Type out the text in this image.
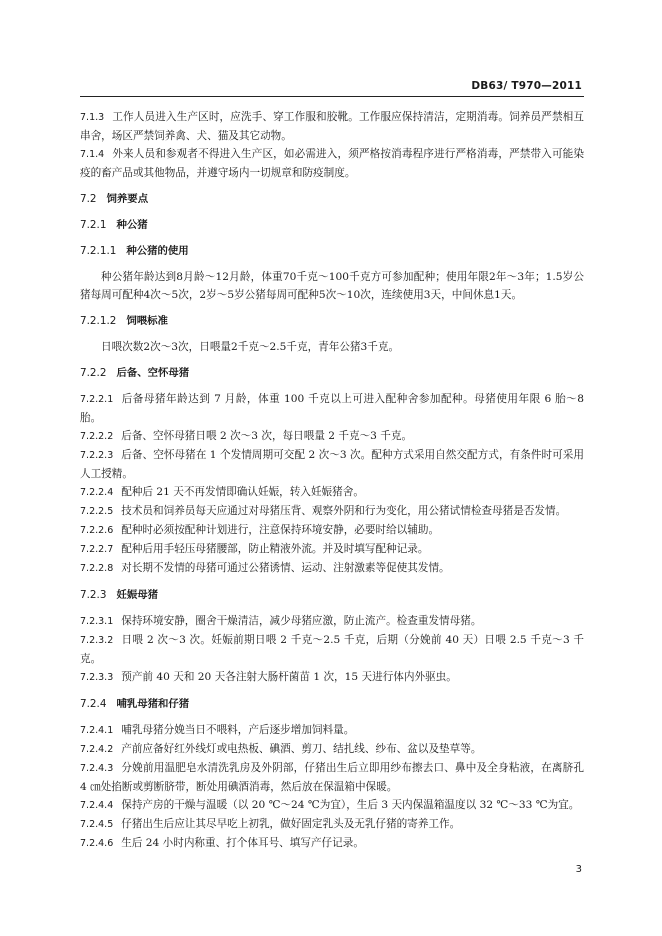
DB63/ T970—2011

7.1.3 工作人员进入生产区时，应洗手、穿工作服和胶靴。工作服应保持清洁，定期消毒。饲养员严禁相互串舍，场区严禁饲养禽、犬、猫及其它动物。

7.1.4 外来人员和参观者不得进入生产区，如必需进入，须严格按消毒程序进行严格消毒，严禁带入可能染疫的畜产品或其他物品，并遵守场内一切规章和防疫制度。

7.2 饲养要点

7.2.1 种公猪

7.2.1.1 种公猪的使用

种公猪年龄达到8月龄～12月龄，体重70千克～100千克方可参加配种；使用年限2年～3年；1.5岁公猪每周可配种4次～5次，2岁～5岁公猪每周可配种5次～10次，连续使用3天，中间休息1天。

7.2.1.2 饲喂标准

日喂次数2次～3次，日喂量2千克～2.5千克，青年公猪3千克。

7.2.2 后备、空怀母猪

7.2.2.1 后备母猪年龄达到 7 月龄，体重 100 千克以上可进入配种舍参加配种。母猪使用年限 6 胎～8 胎。

7.2.2.2 后备、空怀母猪日喂 2 次～3 次，每日喂量 2 千克～3 千克。

7.2.2.3 后备、空怀母猪在 1 个发情周期可交配 2 次～3 次。配种方式采用自然交配方式，有条件时可采用人工授精。

7.2.2.4 配种后 21 天不再发情即确认妊娠，转入妊娠猪舍。

7.2.2.5 技术员和饲养员每天应通过对母猪压背、观察外阴和行为变化，用公猪试情检查母猪是否发情。

7.2.2.6 配种时必须按配种计划进行，注意保持环境安静，必要时给以辅助。

7.2.2.7 配种后用手轻压母猪腰部，防止精液外流。并及时填写配种记录。

7.2.2.8 对长期不发情的母猪可通过公猪诱情、运动、注射激素等促使其发情。

7.2.3 妊娠母猪

7.2.3.1 保持环境安静，圈舍干燥清洁，减少母猪应激，防止流产。检查重发情母猪。

7.2.3.2 日喂 2 次～3 次。妊娠前期日喂 2 千克～2.5 千克，后期（分娩前 40 天）日喂 2.5 千克～3 千克。

7.2.3.3 预产前 40 天和 20 天各注射大肠杆菌苗 1 次，15 天进行体内外驱虫。

7.2.4 哺乳母猪和仔猪

7.2.4.1 哺乳母猪分娩当日不喂料，产后逐步增加饲料量。

7.2.4.2 产前应备好红外线灯或电热板、碘酒、剪刀、结扎线、纱布、盆以及垫草等。

7.2.4.3 分娩前用温肥皂水清洗乳房及外阴部，仔猪出生后立即用纱布擦去口、鼻中及全身粘液，在离脐孔 4 ㎝处掐断或剪断脐带，断处用碘酒消毒，然后放在保温箱中保暖。

7.2.4.4 保持产房的干燥与温暖（以 20 ℃～24 ℃为宜），生后 3 天内保温箱温度以 32 ℃～33 ℃为宜。

7.2.4.5 仔猪出生后应让其尽早吃上初乳，做好固定乳头及无乳仔猪的寄养工作。

7.2.4.6 生后 24 小时内称重、打个体耳号、填写产仔记录。

3
